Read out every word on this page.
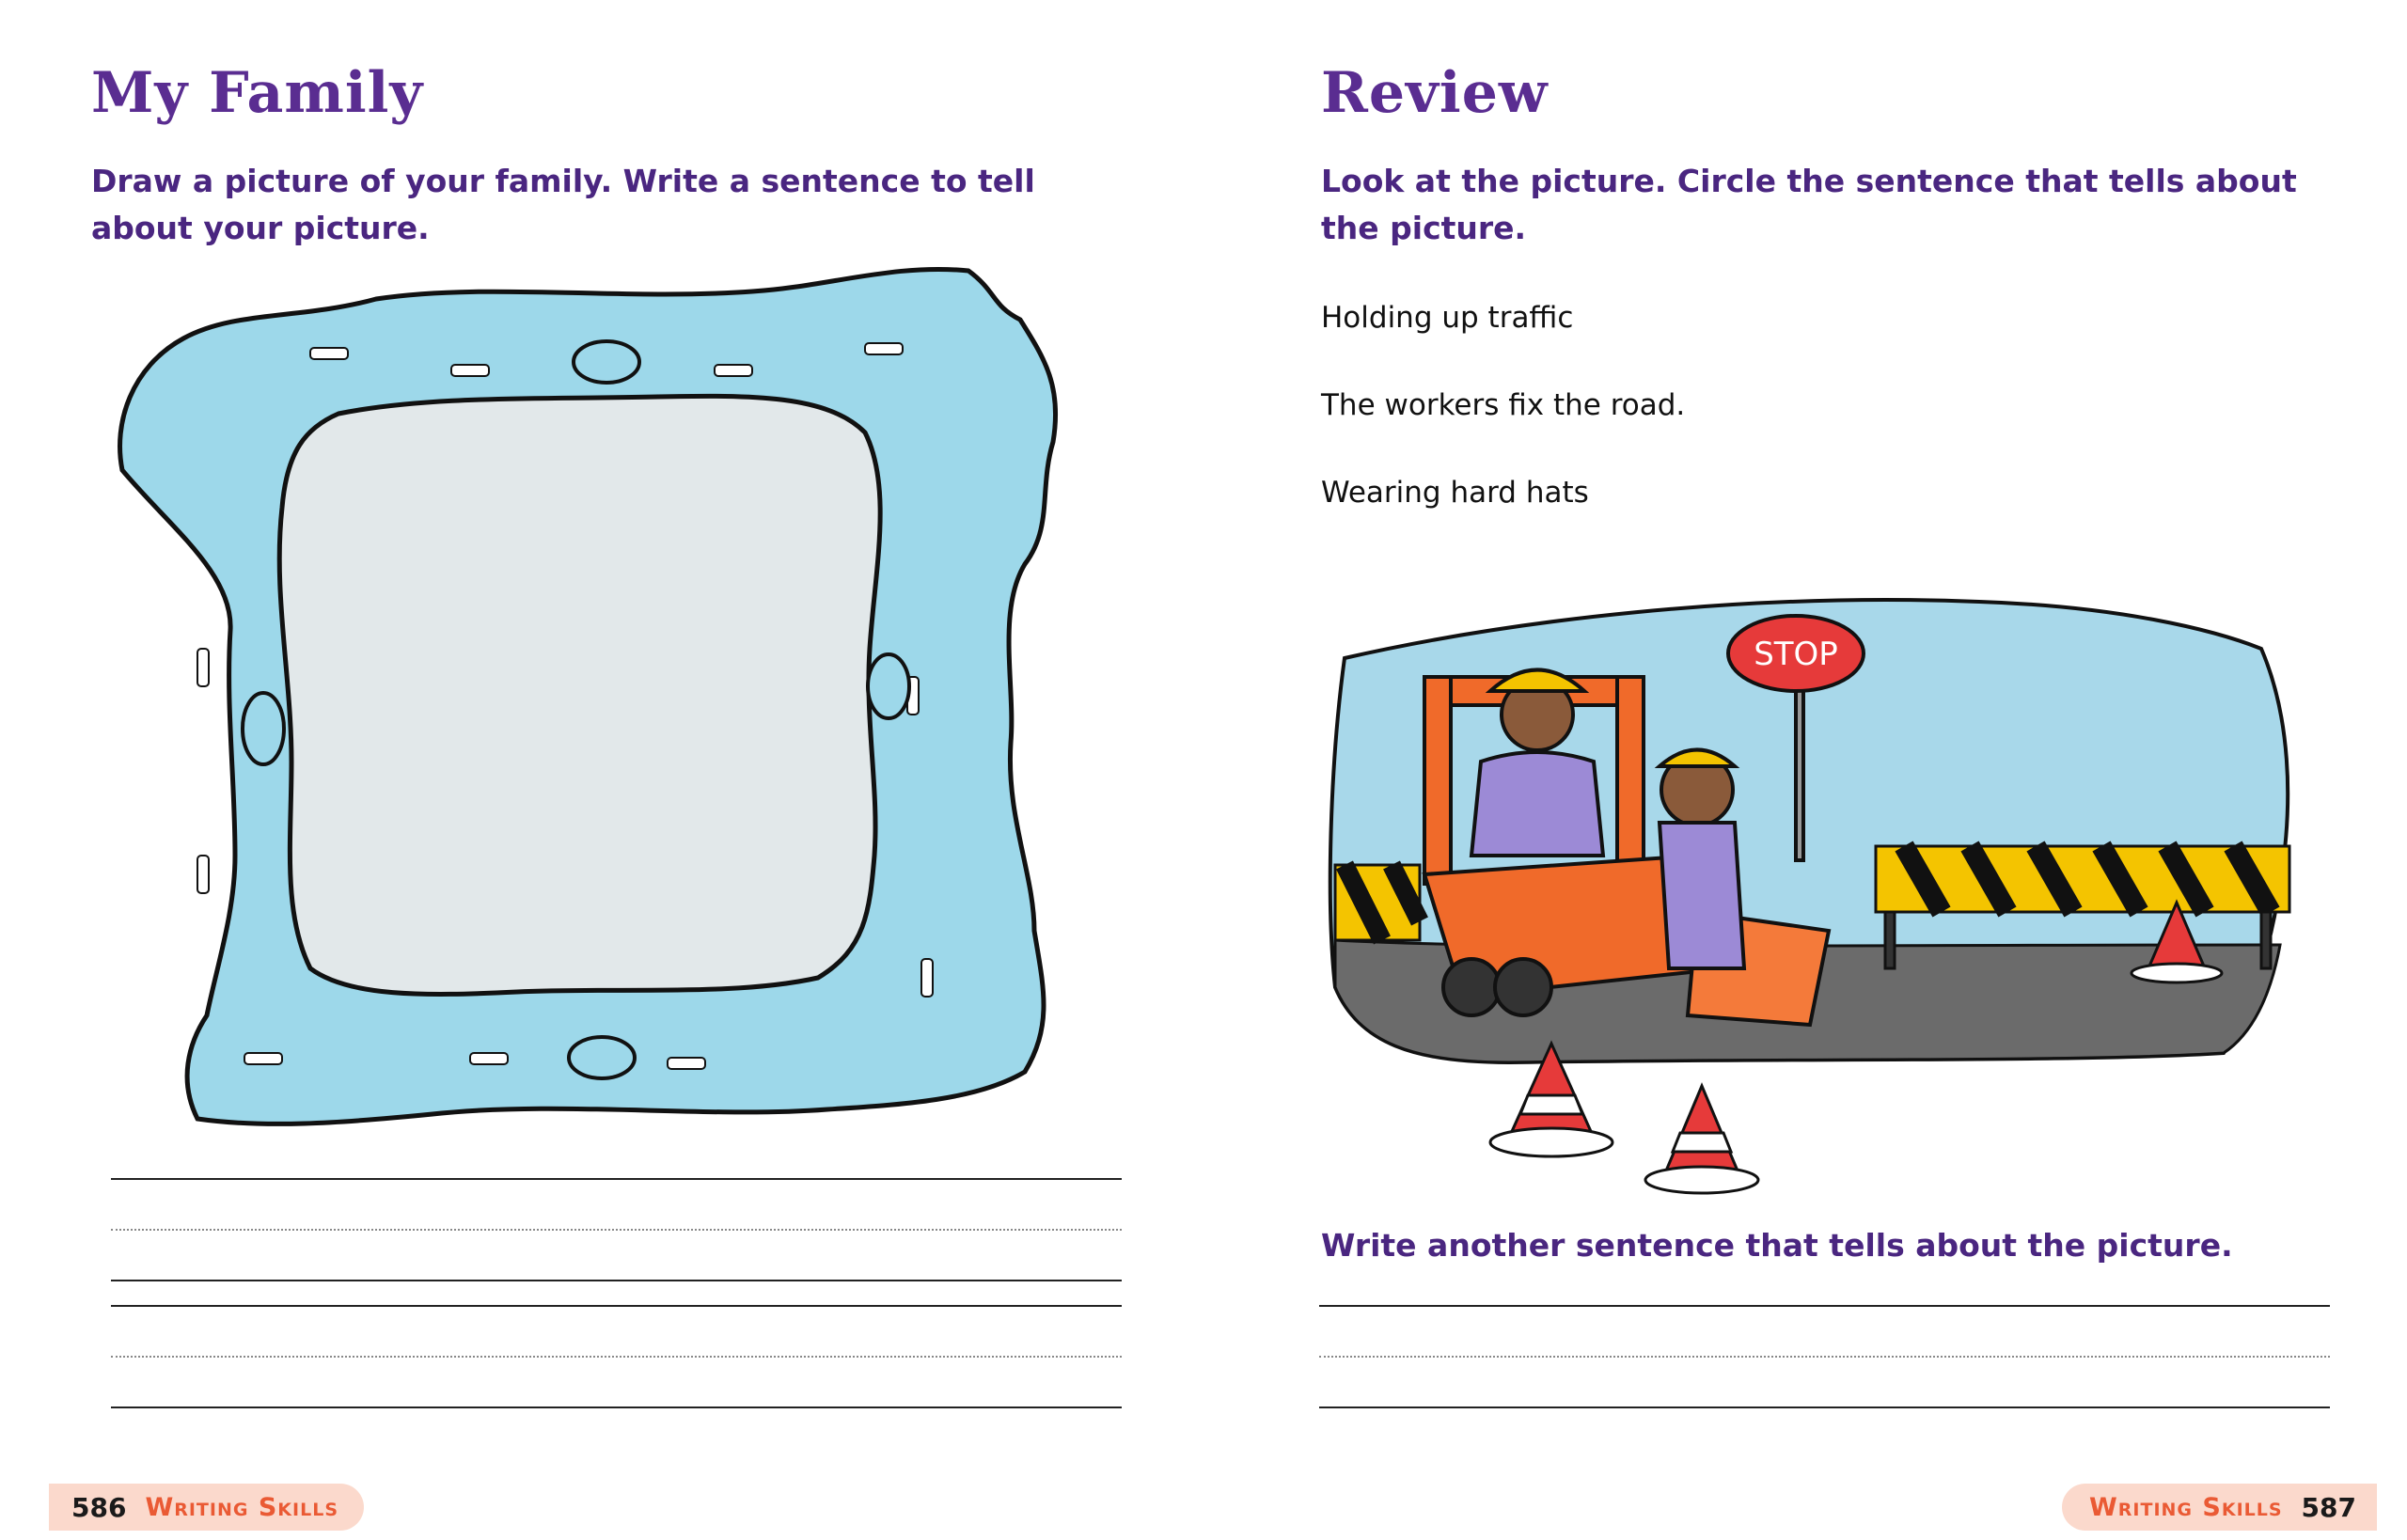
My Family

Draw a picture of your family. Write a sentence to tell about your picture.

586 Writing Skills
Review

Look at the picture. Circle the sentence that tells about the picture.

Holding up traffic

The workers fix the road.

Wearing hard hats

STOP

Write another sentence that tells about the picture.

Writing Skills 587
